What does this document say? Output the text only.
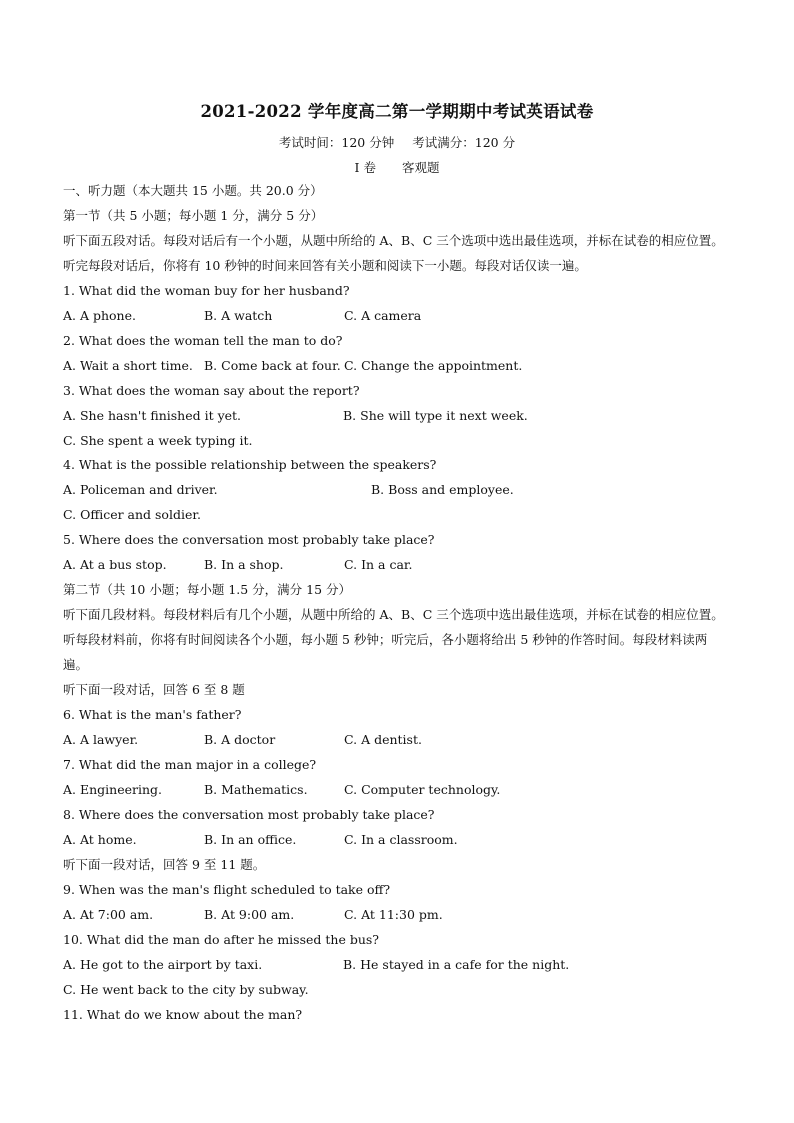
2021-2022 学年度高二第一学期期中考试英语试卷
考试时间：120 分钟 考试满分：120 分
I 卷 客观题
一、听力题（本大题共 15 小题。共 20.0 分）
第一节（共 5 小题；每小题 1 分，满分 5 分）
听下面五段对话。每段对话后有一个小题，从题中所给的 A、B、C 三个选项中选出最佳选项，并标在试卷的相应位置。听完每段对话后，你将有 10 秒钟的时间来回答有关小题和阅读下一小题。每段对话仅读一遍。
1. What did the woman buy for her husband?
A. A phone.	B. A watch	C. A camera
2. What does the woman tell the man to do?
A. Wait a short time. B. Come back at four. C. Change the appointment.
3. What does the woman say about the report?
A. She hasn't finished it yet.	B. She will type it next week.
C. She spent a week typing it.
4. What is the possible relationship between the speakers?
A. Policeman and driver.	B. Boss and employee.
C. Officer and soldier.
5. Where does the conversation most probably take place?
A. At a bus stop.	B. In a shop.	C. In a car.
第二节（共 10 小题；每小题 1.5 分，满分 15 分）
听下面几段材料。每段材料后有几个小题，从题中所给的 A、B、C 三个选项中选出最佳选项，并标在试卷的相应位置。听每段材料前，你将有时间阅读各个小题，每小题 5 秒钟；听完后，各小题将给出 5 秒钟的作答时间。每段材料读两遍。
听下面一段对话，回答 6 至 8 题
6. What is the man's father?
A. A lawyer.	B. A doctor	C. A dentist.
7. What did the man major in a college?
A. Engineering.	B. Mathematics.	C. Computer technology.
8. Where does the conversation most probably take place?
A. At home.	B. In an office.	C. In a classroom.
听下面一段对话，回答 9 至 11 题。
9. When was the man's flight scheduled to take off?
A. At 7:00 am.	B. At 9:00 am.	C. At 11:30 pm.
10. What did the man do after he missed the bus?
A. He got to the airport by taxi.	B. He stayed in a cafe for the night.
C. He went back to the city by subway.
11. What do we know about the man?
